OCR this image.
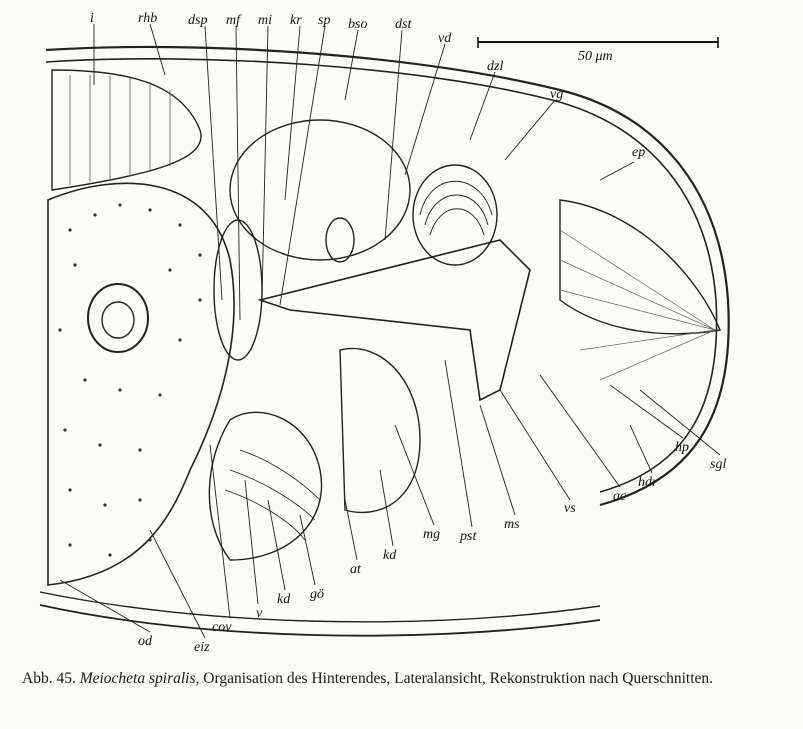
50 μm
i	rhb dsp mf mi kr sp bso dst
vd
dzl
vg
ep
sgl
hp
hdr
ac
vs
ms
pst
mg
kd
at
gö
kd
v
cov
eiz
od
Abb. 45. Meiocheta spiralis, Organisation des Hinterendes, Lateralansicht, Rekonstruktion nach Querschnitten.
